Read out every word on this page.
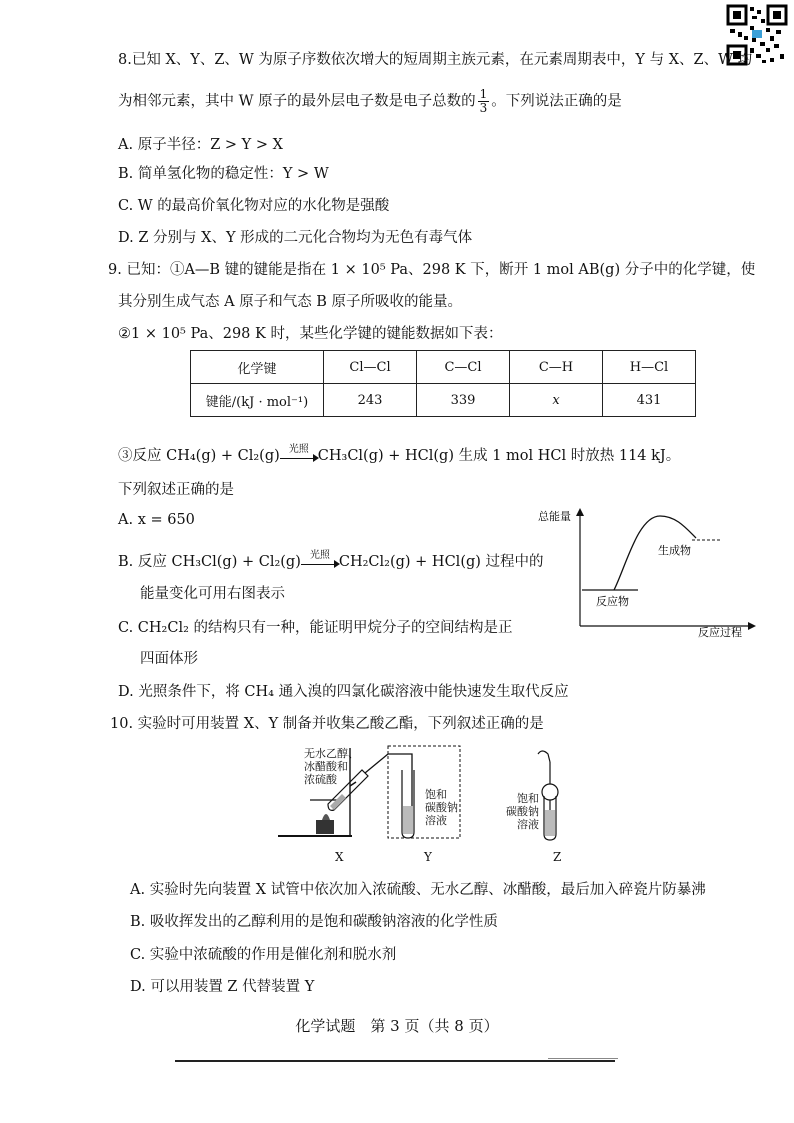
8.已知 X、Y、Z、W 为原子序数依次增大的短周期主族元素，在元素周期表中，Y 与 X、Z、W 均
为相邻元素，其中 W 原子的最外层电子数是电子总数的 $\frac{1}{3}$ 。下列说法正确的是
A. 原子半径：Z > Y > X
B. 简单氢化物的稳定性：Y > W
C. W 的最高价氧化物对应的水化物是强酸
D. Z 分别与 X、Y 形成的二元化合物均为无色有毒气体
9. 已知：①A—B 键的键能是指在 1 × 10⁵ Pa、298 K 下，断开 1 mol AB(g) 分子中的化学键，使
其分别生成气态 A 原子和气态 B 原子所吸收的能量。
②1 × 10⁵ Pa、298 K 时，某些化学键的键能数据如下表：
化学键	Cl—Cl	C—Cl	C—H	H—Cl
键能/(kJ · mol⁻¹)	243	339	x	431
③反应 CH₄(g) + Cl₂(g) 光照 CH₃Cl(g) + HCl(g) 生成 1 mol HCl 时放热 114 kJ。
下列叙述正确的是
A. x = 650
B. 反应 CH₃Cl(g) + Cl₂(g) 光照 CH₂Cl₂(g) + HCl(g) 过程中的
能量变化可用右图表示
C. CH₂Cl₂ 的结构只有一种，能证明甲烷分子的空间结构是正
四面体形
D. 光照条件下，将 CH₄ 通入溴的四氯化碳溶液中能快速发生取代反应
总能量
反应过程
反应物
生成物
10. 实验时可用装置 X、Y 制备并收集乙酸乙酯，下列叙述正确的是
无水乙醇、
冰醋酸和
浓硫酸
饱和
碳酸钠
溶液
饱和
碳酸钠
溶液
X	Y	Z
A. 实验时先向装置 X 试管中依次加入浓硫酸、无水乙醇、冰醋酸，最后加入碎瓷片防暴沸
B. 吸收挥发出的乙醇利用的是饱和碳酸钠溶液的化学性质
C. 实验中浓硫酸的作用是催化剂和脱水剂
D. 可以用装置 Z 代替装置 Y
化学试题　第 3 页（共 8 页）
